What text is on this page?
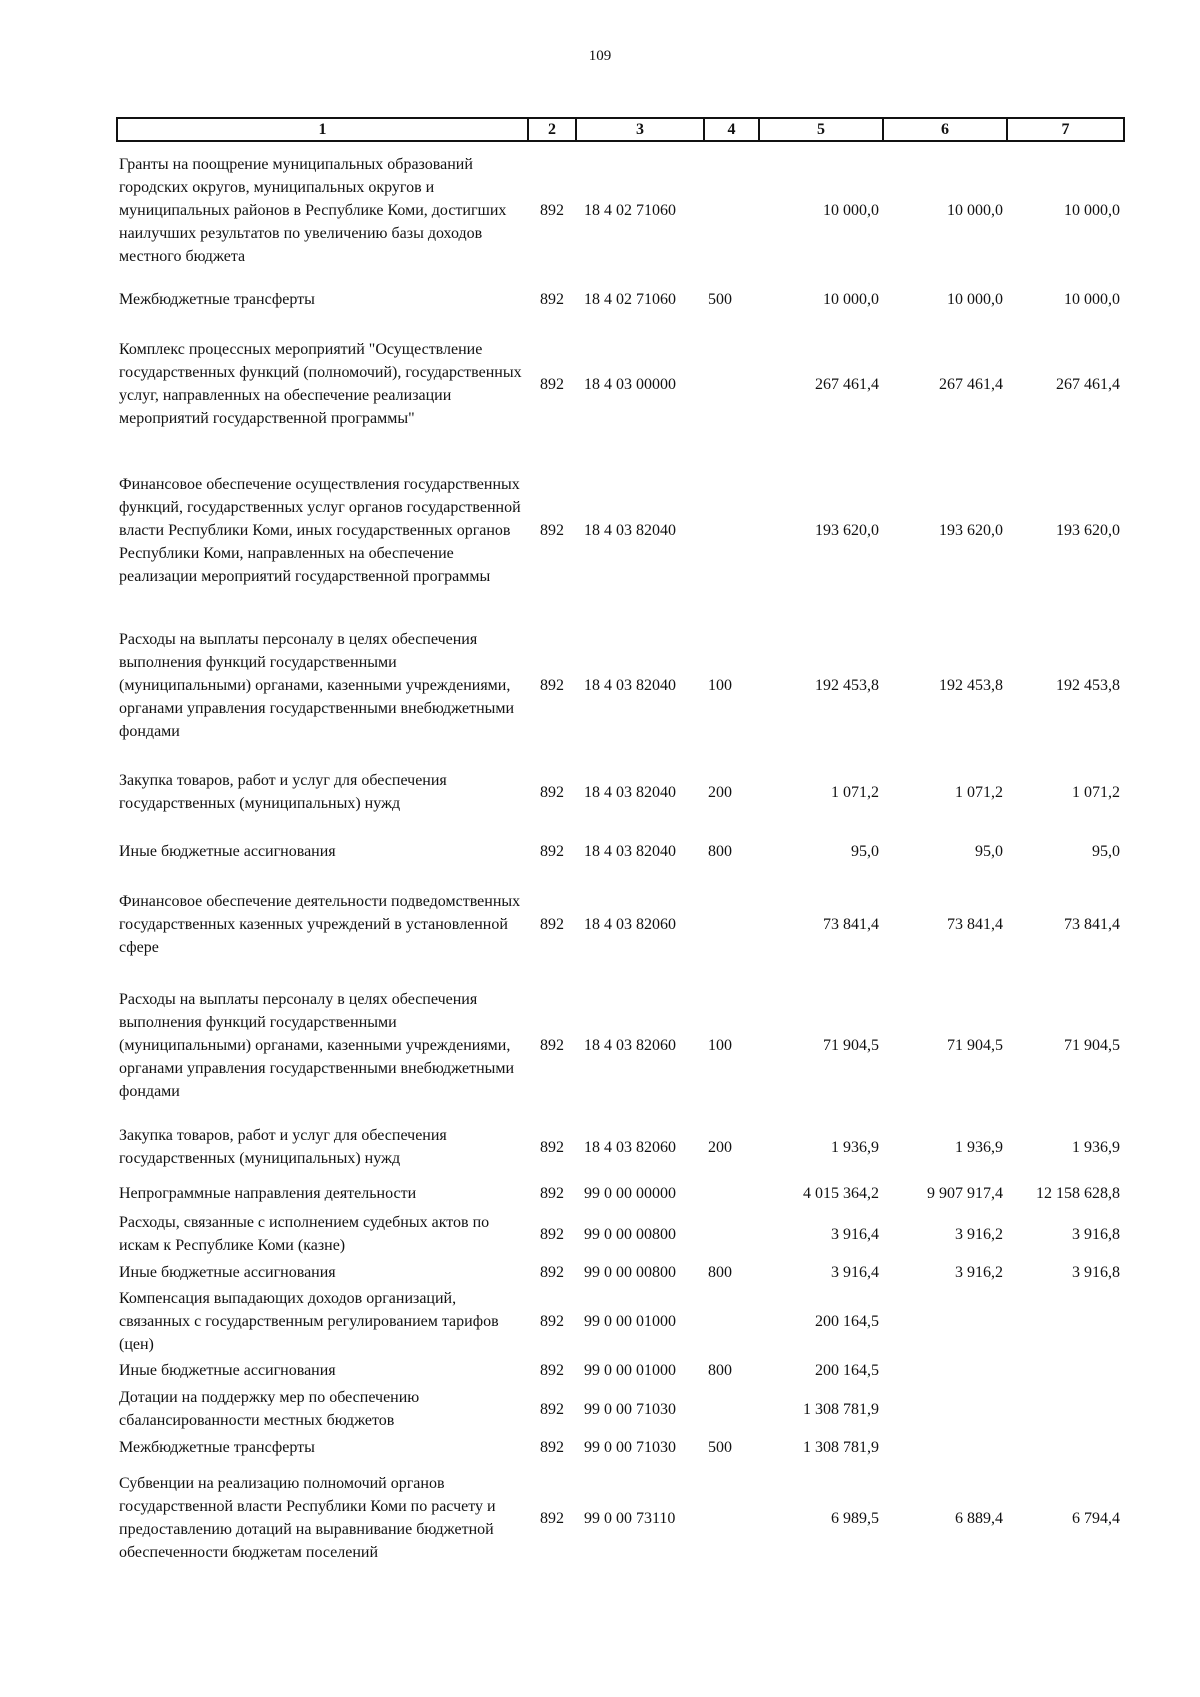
109
1	2	3	4	5	6	7
Гранты на поощрение муниципальных образований городских округов, муниципальных округов и муниципальных районов в Республике Коми, достигших наилучших результатов по увеличению базы доходов местного бюджета	892	18 4 02 71060		10 000,0	10 000,0	10 000,0
Межбюджетные трансферты	892	18 4 02 71060	500	10 000,0	10 000,0	10 000,0
Комплекс процессных мероприятий "Осуществление государственных функций (полномочий), государственных услуг, направленных на обеспечение реализации мероприятий государственной программы"	892	18 4 03 00000		267 461,4	267 461,4	267 461,4
Финансовое обеспечение осуществления государственных функций, государственных услуг органов государственной власти Республики Коми, иных государственных органов Республики Коми, направленных на обеспечение реализации мероприятий государственной программы	892	18 4 03 82040		193 620,0	193 620,0	193 620,0
Расходы на выплаты персоналу в целях обеспечения выполнения функций государственными (муниципальными) органами, казенными учреждениями, органами управления государственными внебюджетными фондами	892	18 4 03 82040	100	192 453,8	192 453,8	192 453,8
Закупка товаров, работ и услуг для обеспечения государственных (муниципальных) нужд	892	18 4 03 82040	200	1 071,2	1 071,2	1 071,2
Иные бюджетные ассигнования	892	18 4 03 82040	800	95,0	95,0	95,0
Финансовое обеспечение деятельности подведомственных государственных казенных учреждений в установленной сфере	892	18 4 03 82060		73 841,4	73 841,4	73 841,4
Расходы на выплаты персоналу в целях обеспечения выполнения функций государственными (муниципальными) органами, казенными учреждениями, органами управления государственными внебюджетными фондами	892	18 4 03 82060	100	71 904,5	71 904,5	71 904,5
Закупка товаров, работ и услуг для обеспечения государственных (муниципальных) нужд	892	18 4 03 82060	200	1 936,9	1 936,9	1 936,9
Непрограммные направления деятельности	892	99 0 00 00000		4 015 364,2	9 907 917,4	12 158 628,8
Расходы, связанные с исполнением судебных актов по искам к Республике Коми (казне)	892	99 0 00 00800		3 916,4	3 916,2	3 916,8
Иные бюджетные ассигнования	892	99 0 00 00800	800	3 916,4	3 916,2	3 916,8
Компенсация выпадающих доходов организаций, связанных с государственным регулированием тарифов (цен)	892	99 0 00 01000		200 164,5		
Иные бюджетные ассигнования	892	99 0 00 01000	800	200 164,5		
Дотации на поддержку мер по обеспечению сбалансированности местных бюджетов	892	99 0 00 71030		1 308 781,9		
Межбюджетные трансферты	892	99 0 00 71030	500	1 308 781,9		
Субвенции на реализацию полномочий органов государственной власти Республики Коми по расчету и предоставлению дотаций на выравнивание бюджетной обеспеченности бюджетам поселений	892	99 0 00 73110		6 989,5	6 889,4	6 794,4
